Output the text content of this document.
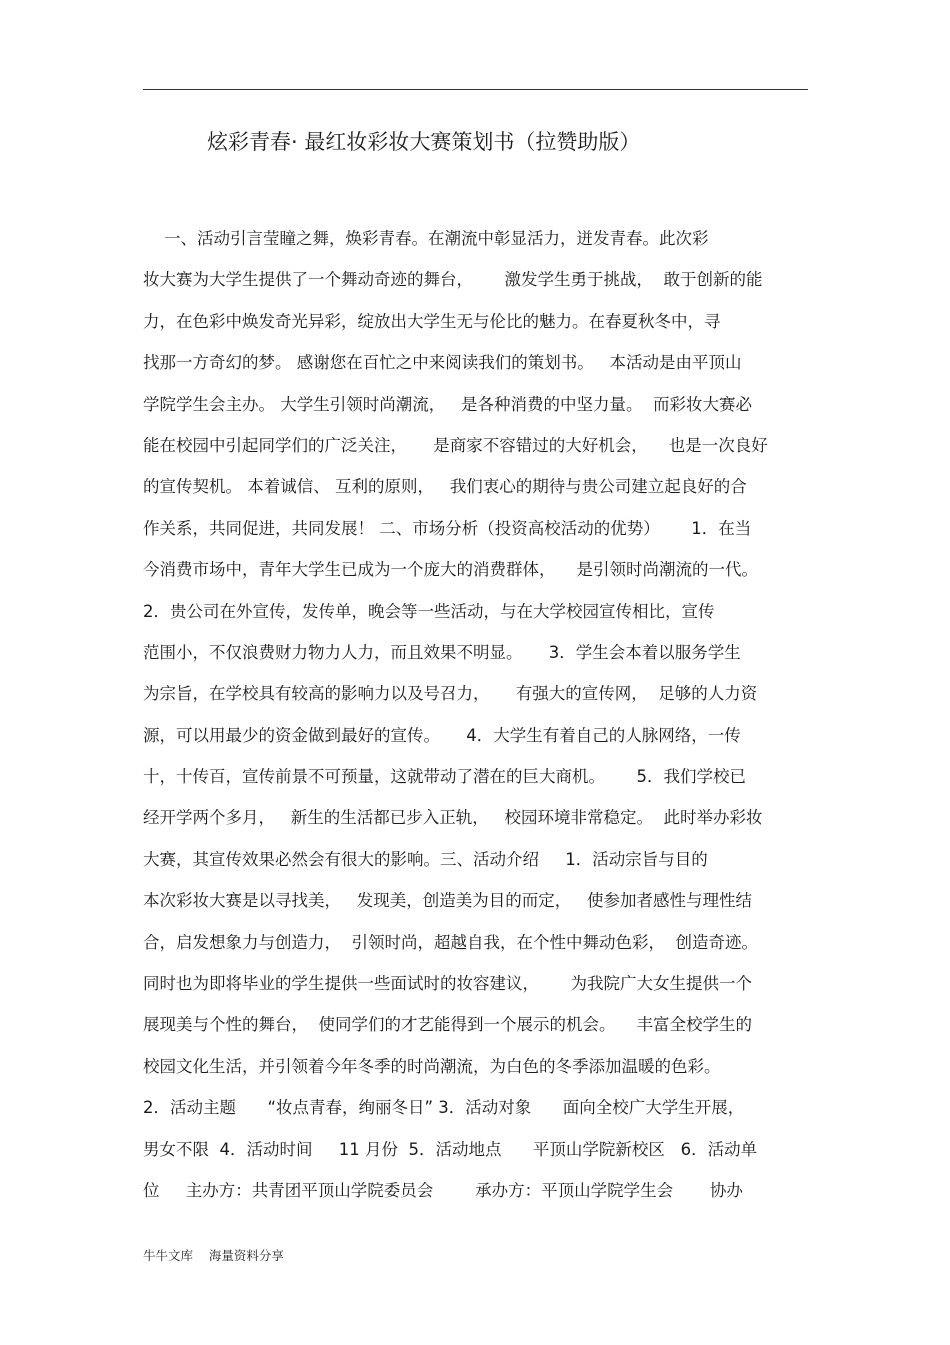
炫彩青春· 最红妆彩妆大赛策划书（拉赞助版）
一、活动引言莹瞳之舞，焕彩青春。在潮流中彰显活力，迸发青春。此次彩
妆大赛为大学生提供了一个舞动奇迹的舞台，      激发学生勇于挑战，  敢于创新的能
力，在色彩中焕发奇光异彩，绽放出大学生无与伦比的魅力。在春夏秋冬中，寻
找那一方奇幻的梦。 感谢您在百忙之中来阅读我们的策划书。   本活动是由平顶山
学院学生会主办。 大学生引领时尚潮流，   是各种消费的中坚力量。  而彩妆大赛必
能在校园中引起同学们的广泛关注，     是商家不容错过的大好机会，    也是一次良好
的宣传契机。 本着诚信、 互利的原则，   我们衷心的期待与贵公司建立起良好的合
作关系，共同促进，共同发展！ 二、市场分析（投资高校活动的优势）      1．在当
今消费市场中，青年大学生已成为一个庞大的消费群体，    是引领时尚潮流的一代。
2．贵公司在外宣传，发传单，晚会等一些活动，与在大学校园宣传相比，宣传
范围小，不仅浪费财力物力人力，而且效果不明显。     3．学生会本着以服务学生
为宗旨，在学校具有较高的影响力以及号召力，     有强大的宣传网，  足够的人力资
源，可以用最少的资金做到最好的宣传。     4．大学生有着自己的人脉网络，一传
十，十传百，宣传前景不可预量，这就带动了潜在的巨大商机。      5．我们学校已
经开学两个多月，   新生的生活都已步入正轨，   校园环境非常稳定。  此时举办彩妆
大赛，其宣传效果必然会有很大的影响。三、活动介绍     1．活动宗旨与目的
本次彩妆大赛是以寻找美，   发现美，创造美为目的而定，   使参加者感性与理性结
合，启发想象力与创造力，  引领时尚，超越自我，在个性中舞动色彩，  创造奇迹。
同时也为即将毕业的学生提供一些面试时的妆容建议，      为我院广大女生提供一个
展现美与个性的舞台，  使同学们的才艺能得到一个展示的机会。    丰富全校学生的
校园文化生活，并引领着今年冬季的时尚潮流，为白色的冬季添加温暖的色彩。
2．活动主题      “妆点青春，绚丽冬日” 3．活动对象      面向全校广大学生开展，
男女不限  4．活动时间     11 月份  5．活动地点      平顶山学院新校区   6．活动单
位     主办方：共青团平顶山学院委员会        承办方：平顶山学院学生会       协办
牛牛文库    海量资料分享
